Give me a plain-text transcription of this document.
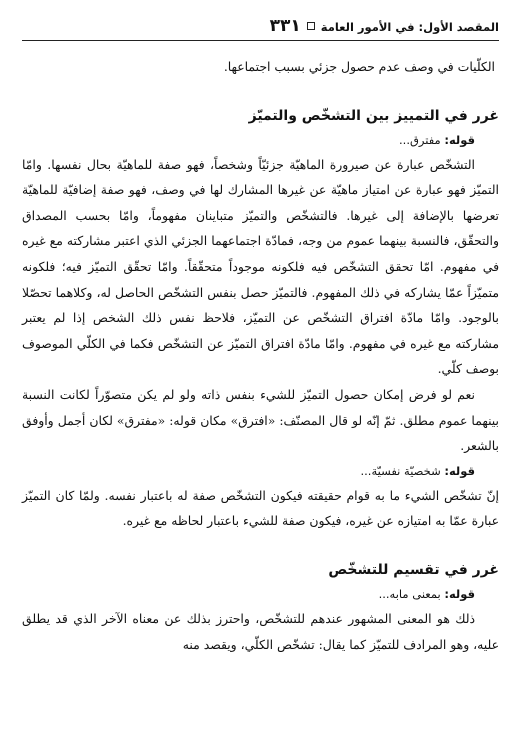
المقصد الأول: في الأمور العامة
٣٣١

الكلّيات في وصف عدم حصول جزئي بسبب اجتماعها.

غرر في التمييز بين التشخّص والتميّز

قوله: مفترق...

التشخّص عبارة عن صيرورة الماهيّة جزئيّاً وشخصاً، فهو صفة للماهيّة بحال نفسها. وامّا التميّز فهو عبارة عن امتياز ماهيّة عن غيرها المشارك لها في وصف، فهو صفة إضافيّة للماهيّة تعرضها بالإضافة إلى غيرها. فالتشخّص والتميّز متباينان مفهوماً، وامّا بحسب المصداق والتحقّق، فالنسبة بينهما عموم من وجه، فمادّة اجتماعهما الجزئي الذي اعتبر مشاركته مع غيره في مفهوم. امّا تحقق التشخّص فيه فلكونه موجوداً متحقّقاً. وامّا تحقّق التميّز فيه؛ فلكونه متميّزاً عمّا يشاركه في ذلك المفهوم. فالتميّز حصل بنفس التشخّص الحاصل له، وكلاهما تحصّلا بالوجود. وامّا مادّة افتراق التشخّص عن التميّز، فلاحظ نفس ذلك الشخص إذا لم يعتبر مشاركته مع غيره في مفهوم. وامّا مادّة افتراق التميّز عن التشخّص فكما في الكلّي الموصوف بوصف كلّي.

نعم لو فرض إمكان حصول التميّز للشيء بنفس ذاته ولو لم يكن متصوّراً لكانت النسبة بينهما عموم مطلق. ثمّ إنّه لو قال المصنّف: «افترق» مكان قوله: «مفترق» لكان أجمل وأوفق بالشعر.

قوله: شخصيّة نفسيّة...

إنّ تشخّص الشيء ما به قوام حقيقته فيكون التشخّص صفة له باعتبار نفسه. ولمّا كان التميّز عبارة عمّا به امتيازه عن غيره، فيكون صفة للشيء باعتبار لحاظه مع غيره.

غرر في تقسيم للتشخّص

قوله: بمعنى مابه...

ذلك هو المعنى المشهور عندهم للتشخّص، واحترز بذلك عن معناه الآخر الذي قد يطلق عليه، وهو المرادف للتميّز كما يقال: تشخّص الكلّي، ويقصد منه
